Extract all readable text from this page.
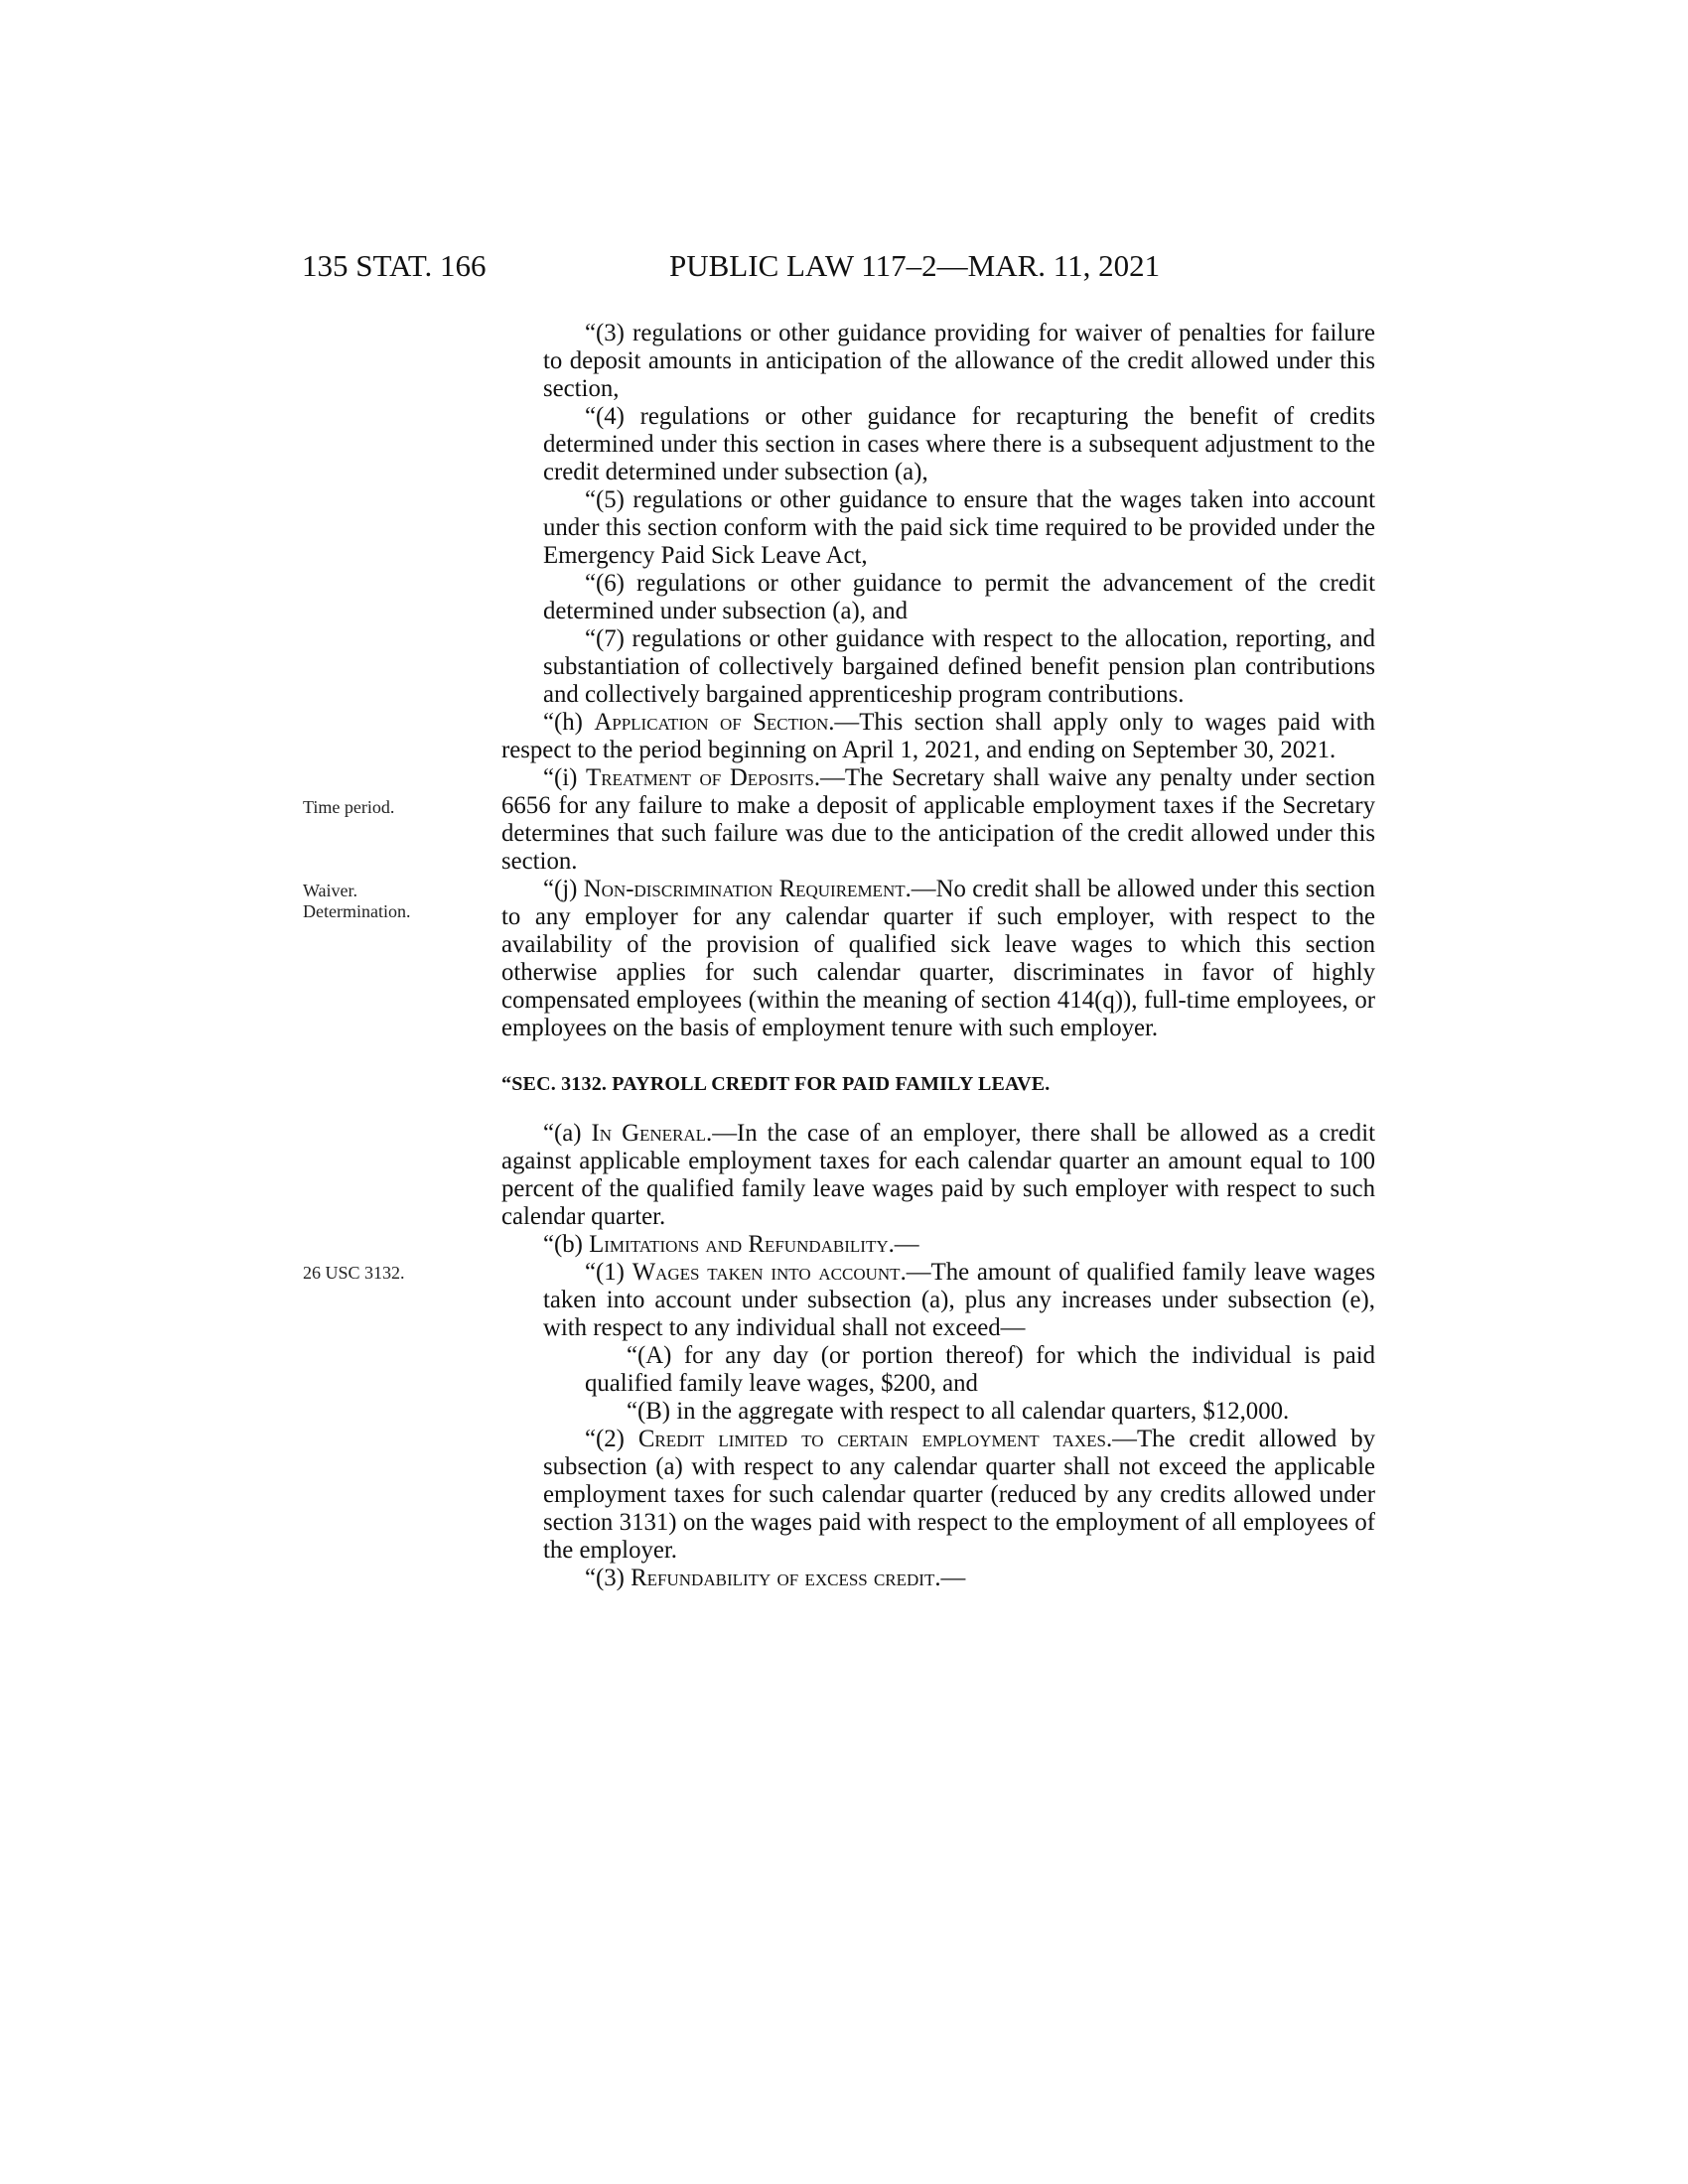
135 STAT. 166	PUBLIC LAW 117–2—MAR. 11, 2021
Time period.
Waiver.
Determination.
26 USC 3132.

“(3) regulations or other guidance providing for waiver of penalties for failure to deposit amounts in anticipation of the allowance of the credit allowed under this section,

“(4) regulations or other guidance for recapturing the benefit of credits determined under this section in cases where there is a subsequent adjustment to the credit determined under subsection (a),

“(5) regulations or other guidance to ensure that the wages taken into account under this section conform with the paid sick time required to be provided under the Emergency Paid Sick Leave Act,

“(6) regulations or other guidance to permit the advancement of the credit determined under subsection (a), and

“(7) regulations or other guidance with respect to the allocation, reporting, and substantiation of collectively bargained defined benefit pension plan contributions and collectively bargained apprenticeship program contributions.

“(h) Application of Section.—This section shall apply only to wages paid with respect to the period beginning on April 1, 2021, and ending on September 30, 2021.

“(i) Treatment of Deposits.—The Secretary shall waive any penalty under section 6656 for any failure to make a deposit of applicable employment taxes if the Secretary determines that such failure was due to the anticipation of the credit allowed under this section.

“(j) Non-discrimination Requirement.—No credit shall be allowed under this section to any employer for any calendar quarter if such employer, with respect to the availability of the provision of qualified sick leave wages to which this section otherwise applies for such calendar quarter, discriminates in favor of highly compensated employees (within the meaning of section 414(q)), full-time employees, or employees on the basis of employment tenure with such employer.

“SEC. 3132. PAYROLL CREDIT FOR PAID FAMILY LEAVE.

“(a) In General.—In the case of an employer, there shall be allowed as a credit against applicable employment taxes for each calendar quarter an amount equal to 100 percent of the qualified family leave wages paid by such employer with respect to such calendar quarter.

“(b) Limitations and Refundability.—

“(1) Wages taken into account.—The amount of qualified family leave wages taken into account under subsection (a), plus any increases under subsection (e), with respect to any individual shall not exceed—

“(A) for any day (or portion thereof) for which the individual is paid qualified family leave wages, $200, and

“(B) in the aggregate with respect to all calendar quarters, $12,000.

“(2) Credit limited to certain employment taxes.—The credit allowed by subsection (a) with respect to any calendar quarter shall not exceed the applicable employment taxes for such calendar quarter (reduced by any credits allowed under section 3131) on the wages paid with respect to the employment of all employees of the employer.

“(3) Refundability of excess credit.—
